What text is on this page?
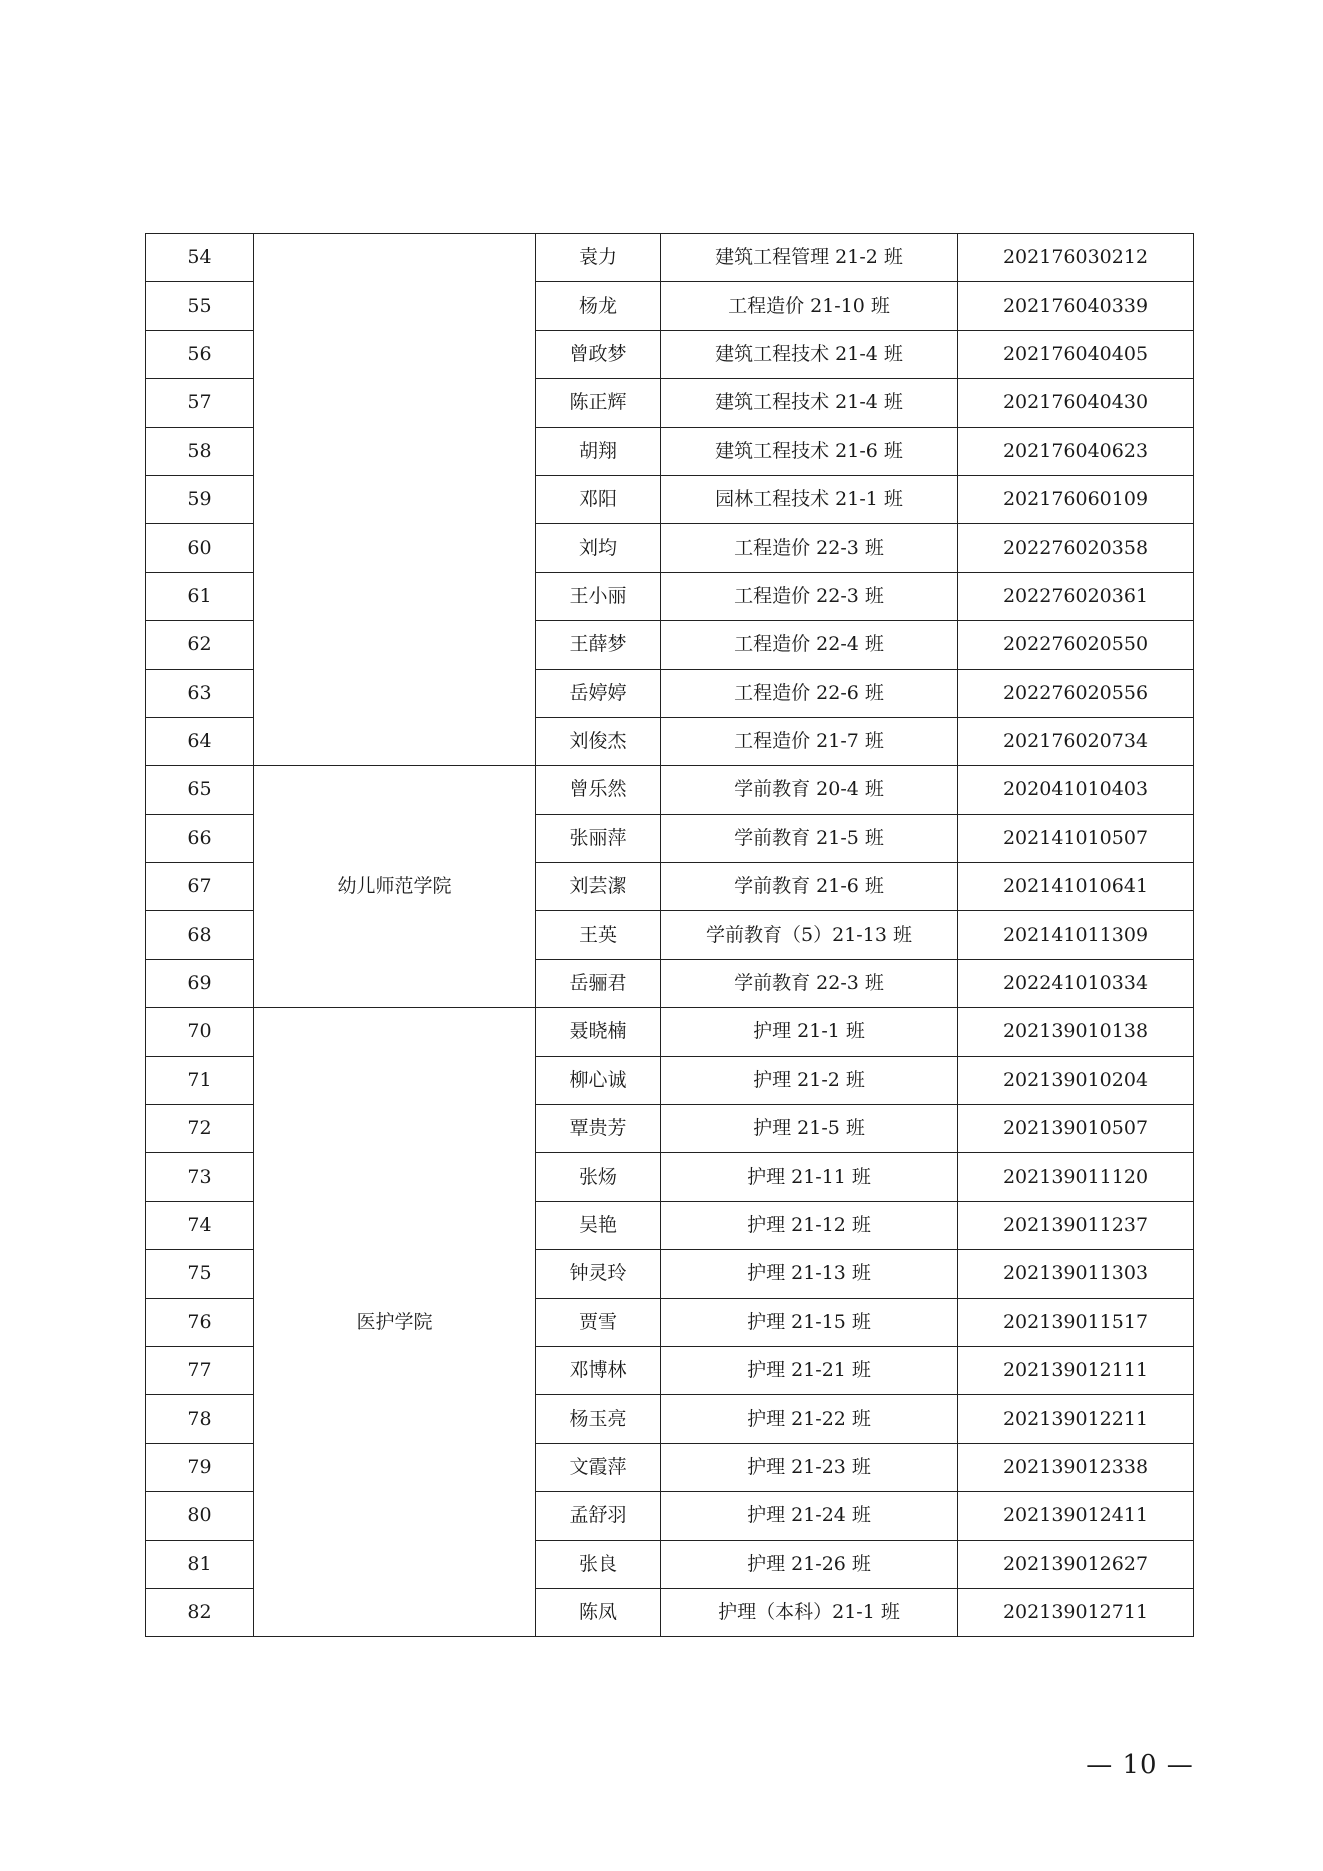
54		袁力	建筑工程管理 21-2 班	202176030212
55		杨龙	工程造价 21-10 班	202176040339
56		曾政梦	建筑工程技术 21-4 班	202176040405
57		陈正辉	建筑工程技术 21-4 班	202176040430
58		胡翔	建筑工程技术 21-6 班	202176040623
59		邓阳	园林工程技术 21-1 班	202176060109
60		刘均	工程造价 22-3 班	202276020358
61		王小丽	工程造价 22-3 班	202276020361
62		王薛梦	工程造价 22-4 班	202276020550
63		岳婷婷	工程造价 22-6 班	202276020556
64		刘俊杰	工程造价 21-7 班	202176020734
65	幼儿师范学院	曾乐然	学前教育 20-4 班	202041010403
66		张丽萍	学前教育 21-5 班	202141010507
67		刘芸潔	学前教育 21-6 班	202141010641
68		王英	学前教育（5）21-13 班	202141011309
69		岳骊君	学前教育 22-3 班	202241010334
70	医护学院	聂晓楠	护理 21-1 班	202139010138
71		柳心诚	护理 21-2 班	202139010204
72		覃贵芳	护理 21-5 班	202139010507
73		张炀	护理 21-11 班	202139011120
74		吴艳	护理 21-12 班	202139011237
75		钟灵玲	护理 21-13 班	202139011303
76		贾雪	护理 21-15 班	202139011517
77		邓博林	护理 21-21 班	202139012111
78		杨玉亮	护理 21-22 班	202139012211
79		文霞萍	护理 21-23 班	202139012338
80		孟舒羽	护理 21-24 班	202139012411
81		张良	护理 21-26 班	202139012627
82		陈凤	护理（本科）21-1 班	202139012711
— 10 —
